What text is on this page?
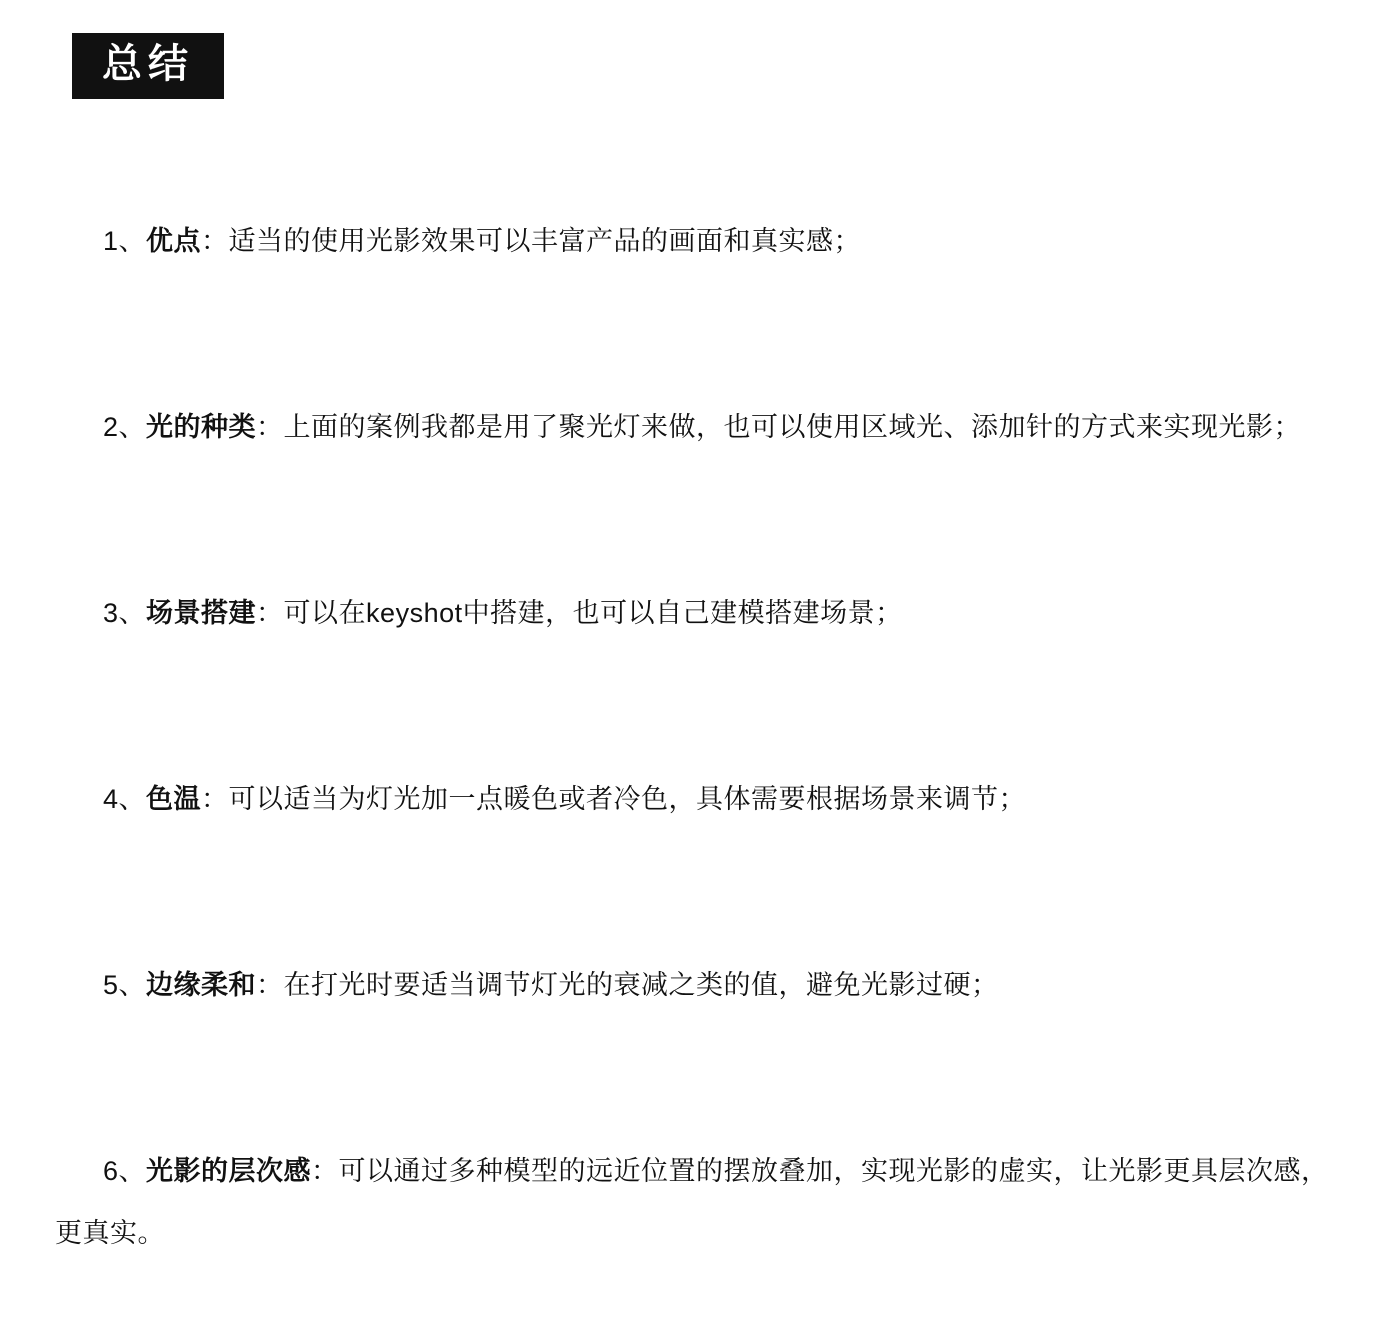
总结

1、优点：适当的使用光影效果可以丰富产品的画面和真实感；

2、光的种类：上面的案例我都是用了聚光灯来做，也可以使用区域光、添加针的方式来实现光影；

3、场景搭建：可以在keyshot中搭建，也可以自己建模搭建场景；

4、色温：可以适当为灯光加一点暖色或者冷色，具体需要根据场景来调节；

5、边缘柔和：在打光时要适当调节灯光的衰减之类的值，避免光影过硬；

6、光影的层次感：可以通过多种模型的远近位置的摆放叠加，实现光影的虚实，让光影更具层次感，更真实。
